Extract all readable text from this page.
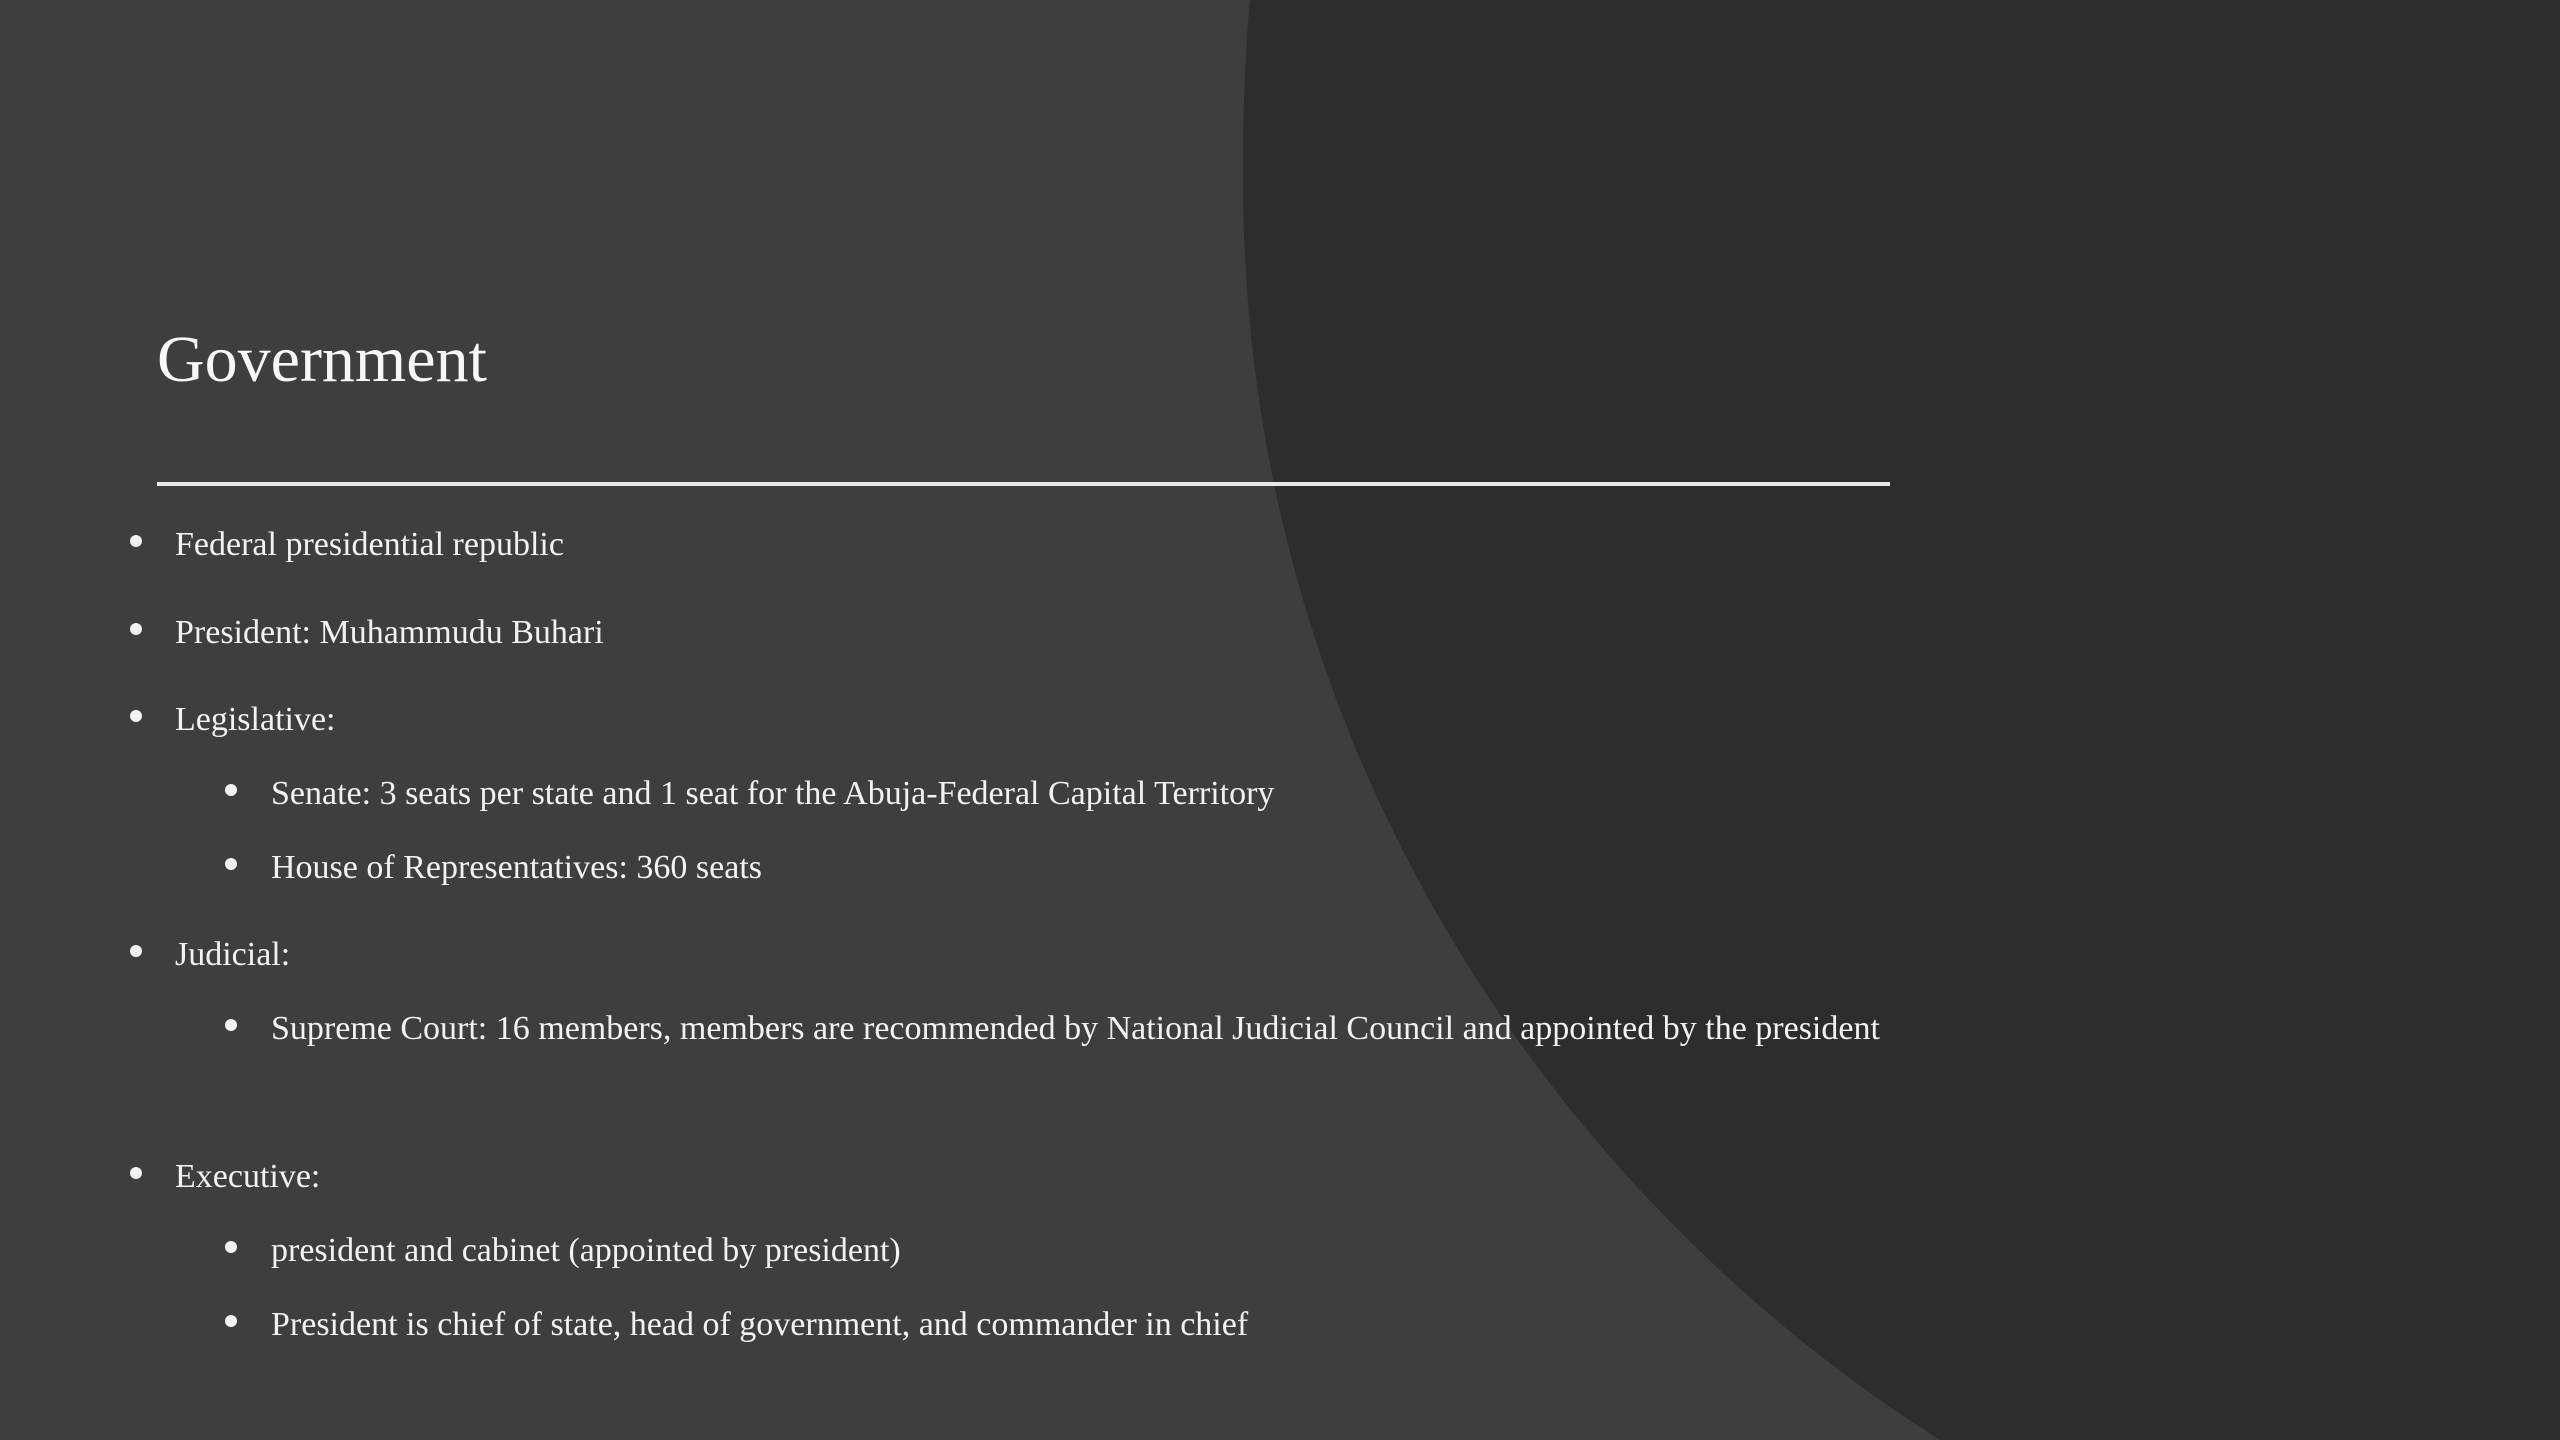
Government
Federal presidential republic
President: Muhammudu Buhari
Legislative:
Senate: 3 seats per state and 1 seat for the Abuja-Federal Capital Territory
House of Representatives: 360 seats
Judicial:
Supreme Court: 16 members, members are recommended by National Judicial Council and appointed by the president
Executive:
president and cabinet (appointed by president)
President is chief of state, head of government, and commander in chief
